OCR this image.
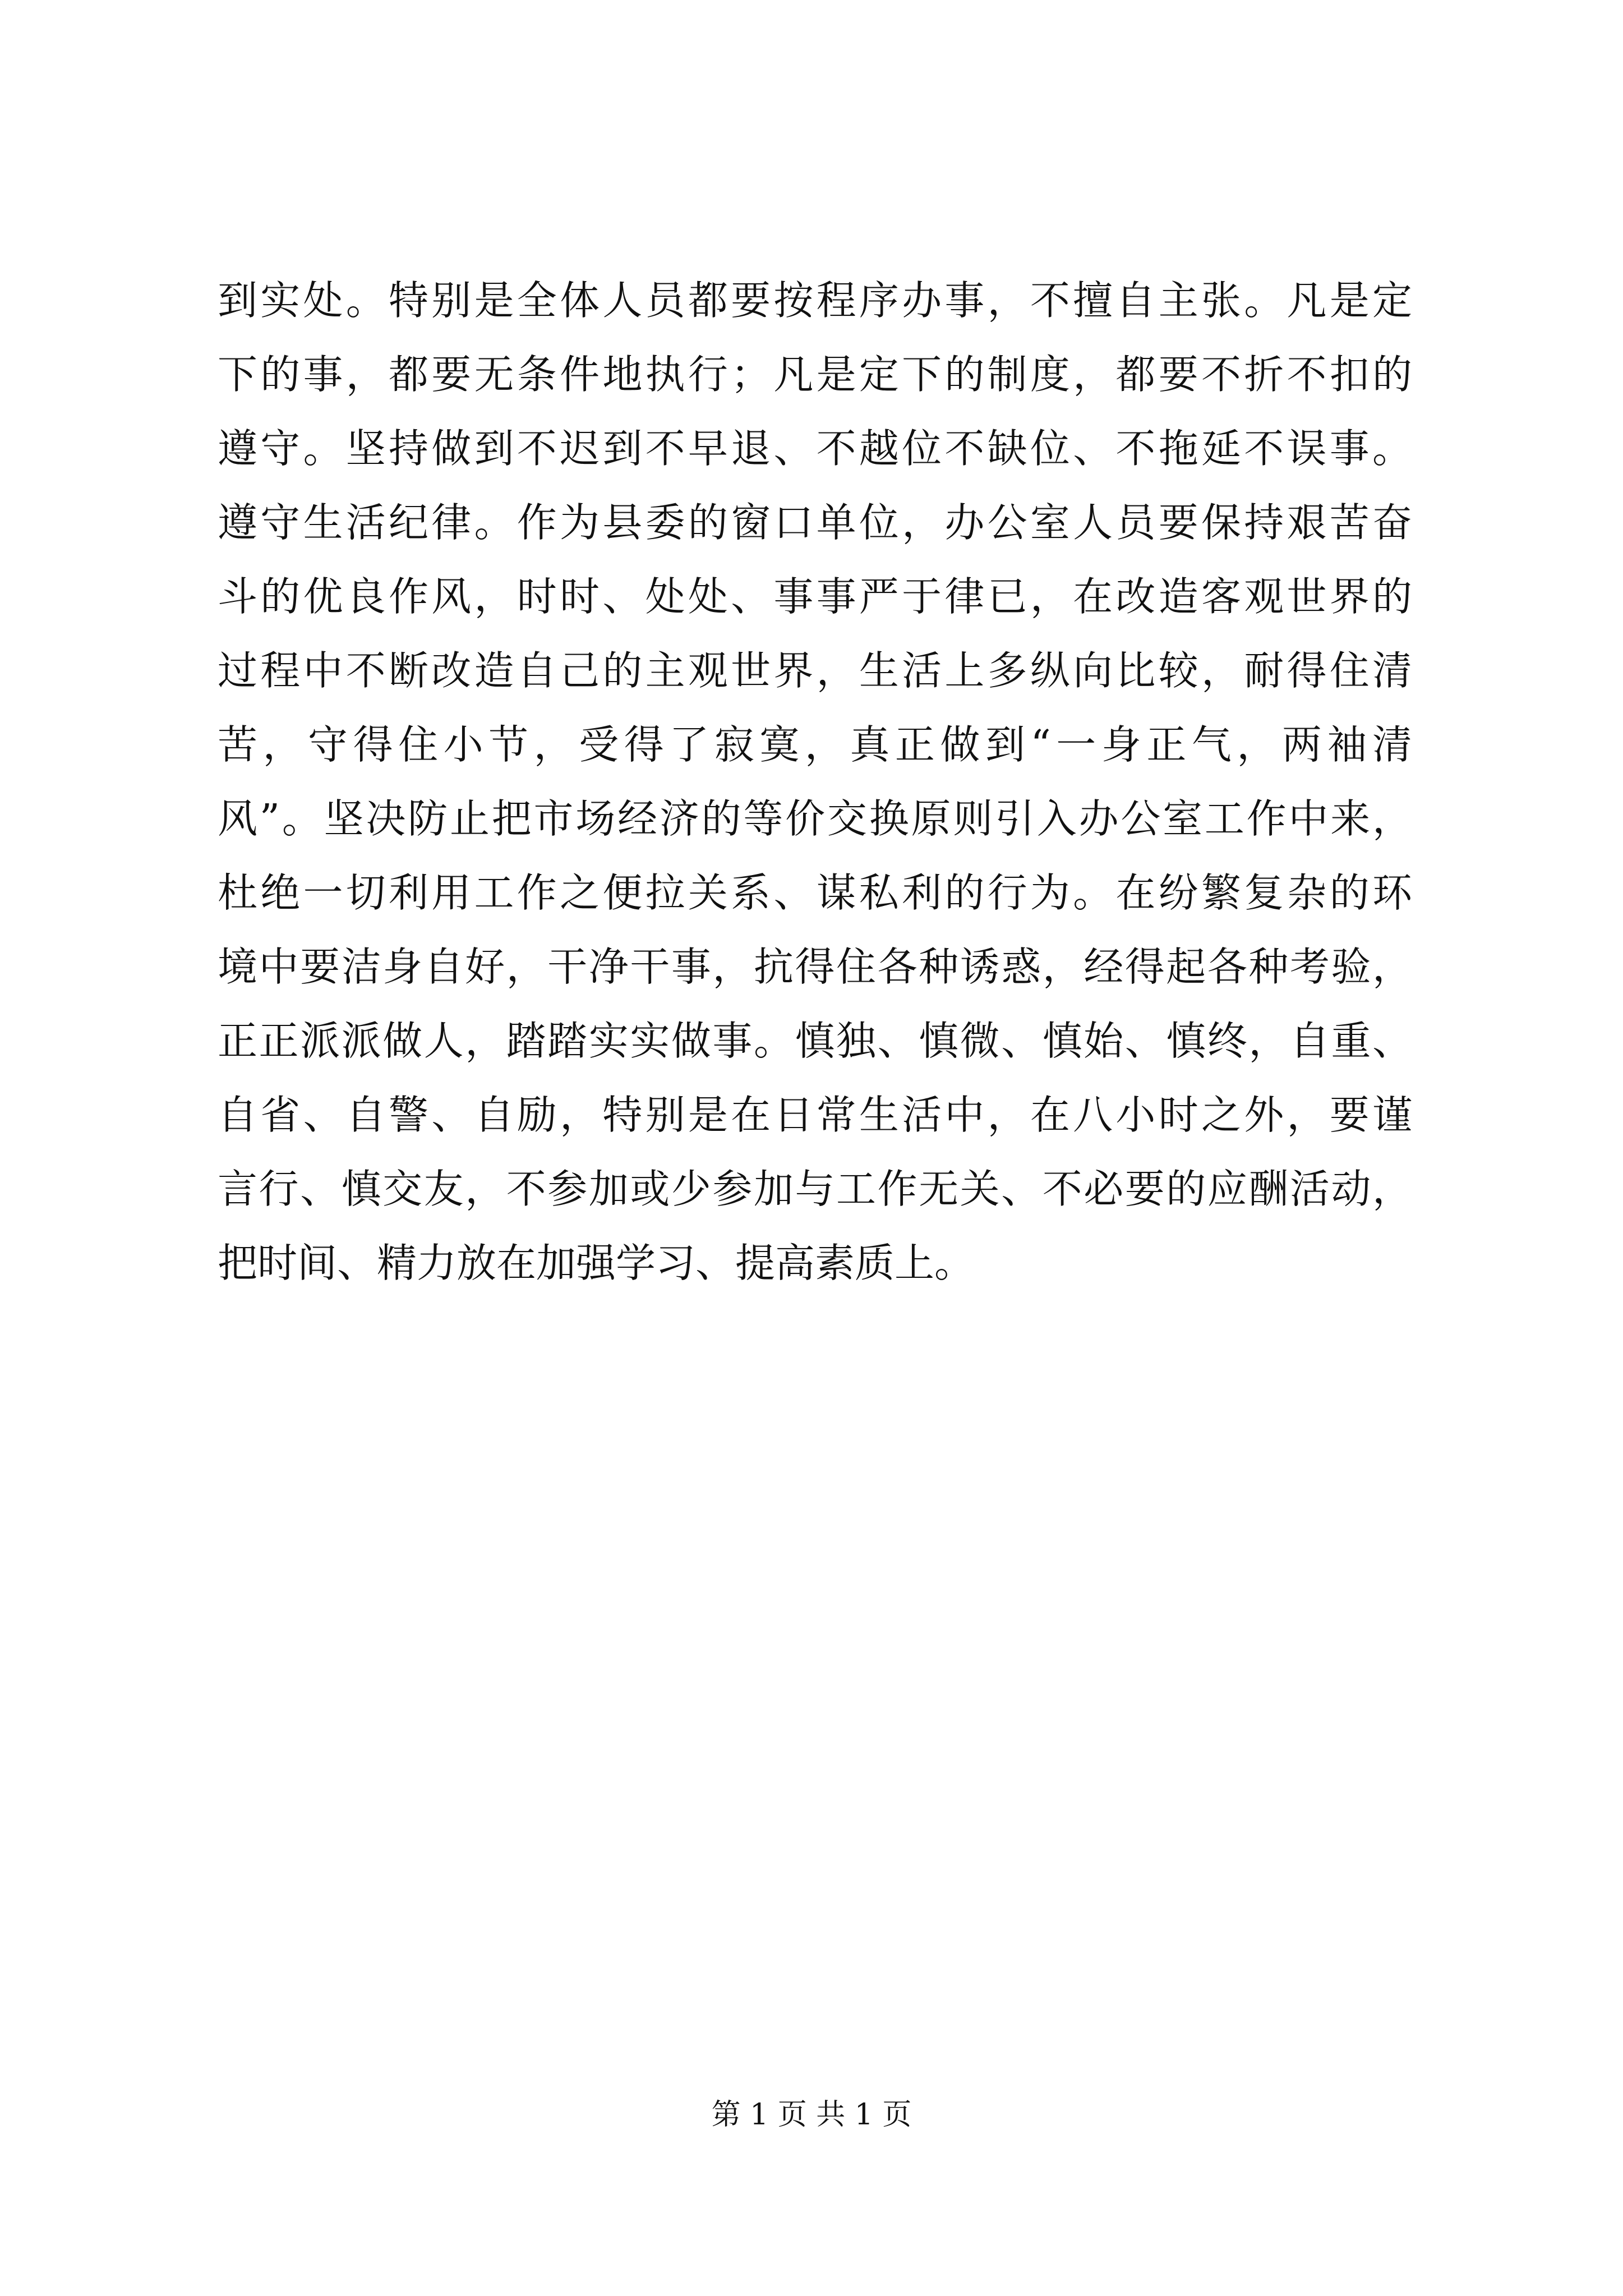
到实处。特别是全体人员都要按程序办事，不擅自主张。凡是定
下的事，都要无条件地执行；凡是定下的制度，都要不折不扣的
遵守。坚持做到不迟到不早退、不越位不缺位、不拖延不误事。
遵守生活纪律。作为县委的窗口单位，办公室人员要保持艰苦奋
斗的优良作风，时时、处处、事事严于律已，在改造客观世界的
过程中不断改造自己的主观世界，生活上多纵向比较，耐得住清
苦，守得住小节，受得了寂寞，真正做到“一身正气，两袖清
风”。坚决防止把市场经济的等价交换原则引入办公室工作中来，
杜绝一切利用工作之便拉关系、谋私利的行为。在纷繁复杂的环
境中要洁身自好，干净干事，抗得住各种诱惑，经得起各种考验，
正正派派做人，踏踏实实做事。慎独、慎微、慎始、慎终，自重、
自省、自警、自励，特别是在日常生活中，在八小时之外，要谨
言行、慎交友，不参加或少参加与工作无关、不必要的应酬活动，
把时间、精力放在加强学习、提高素质上。
第 1 页 共 1 页
